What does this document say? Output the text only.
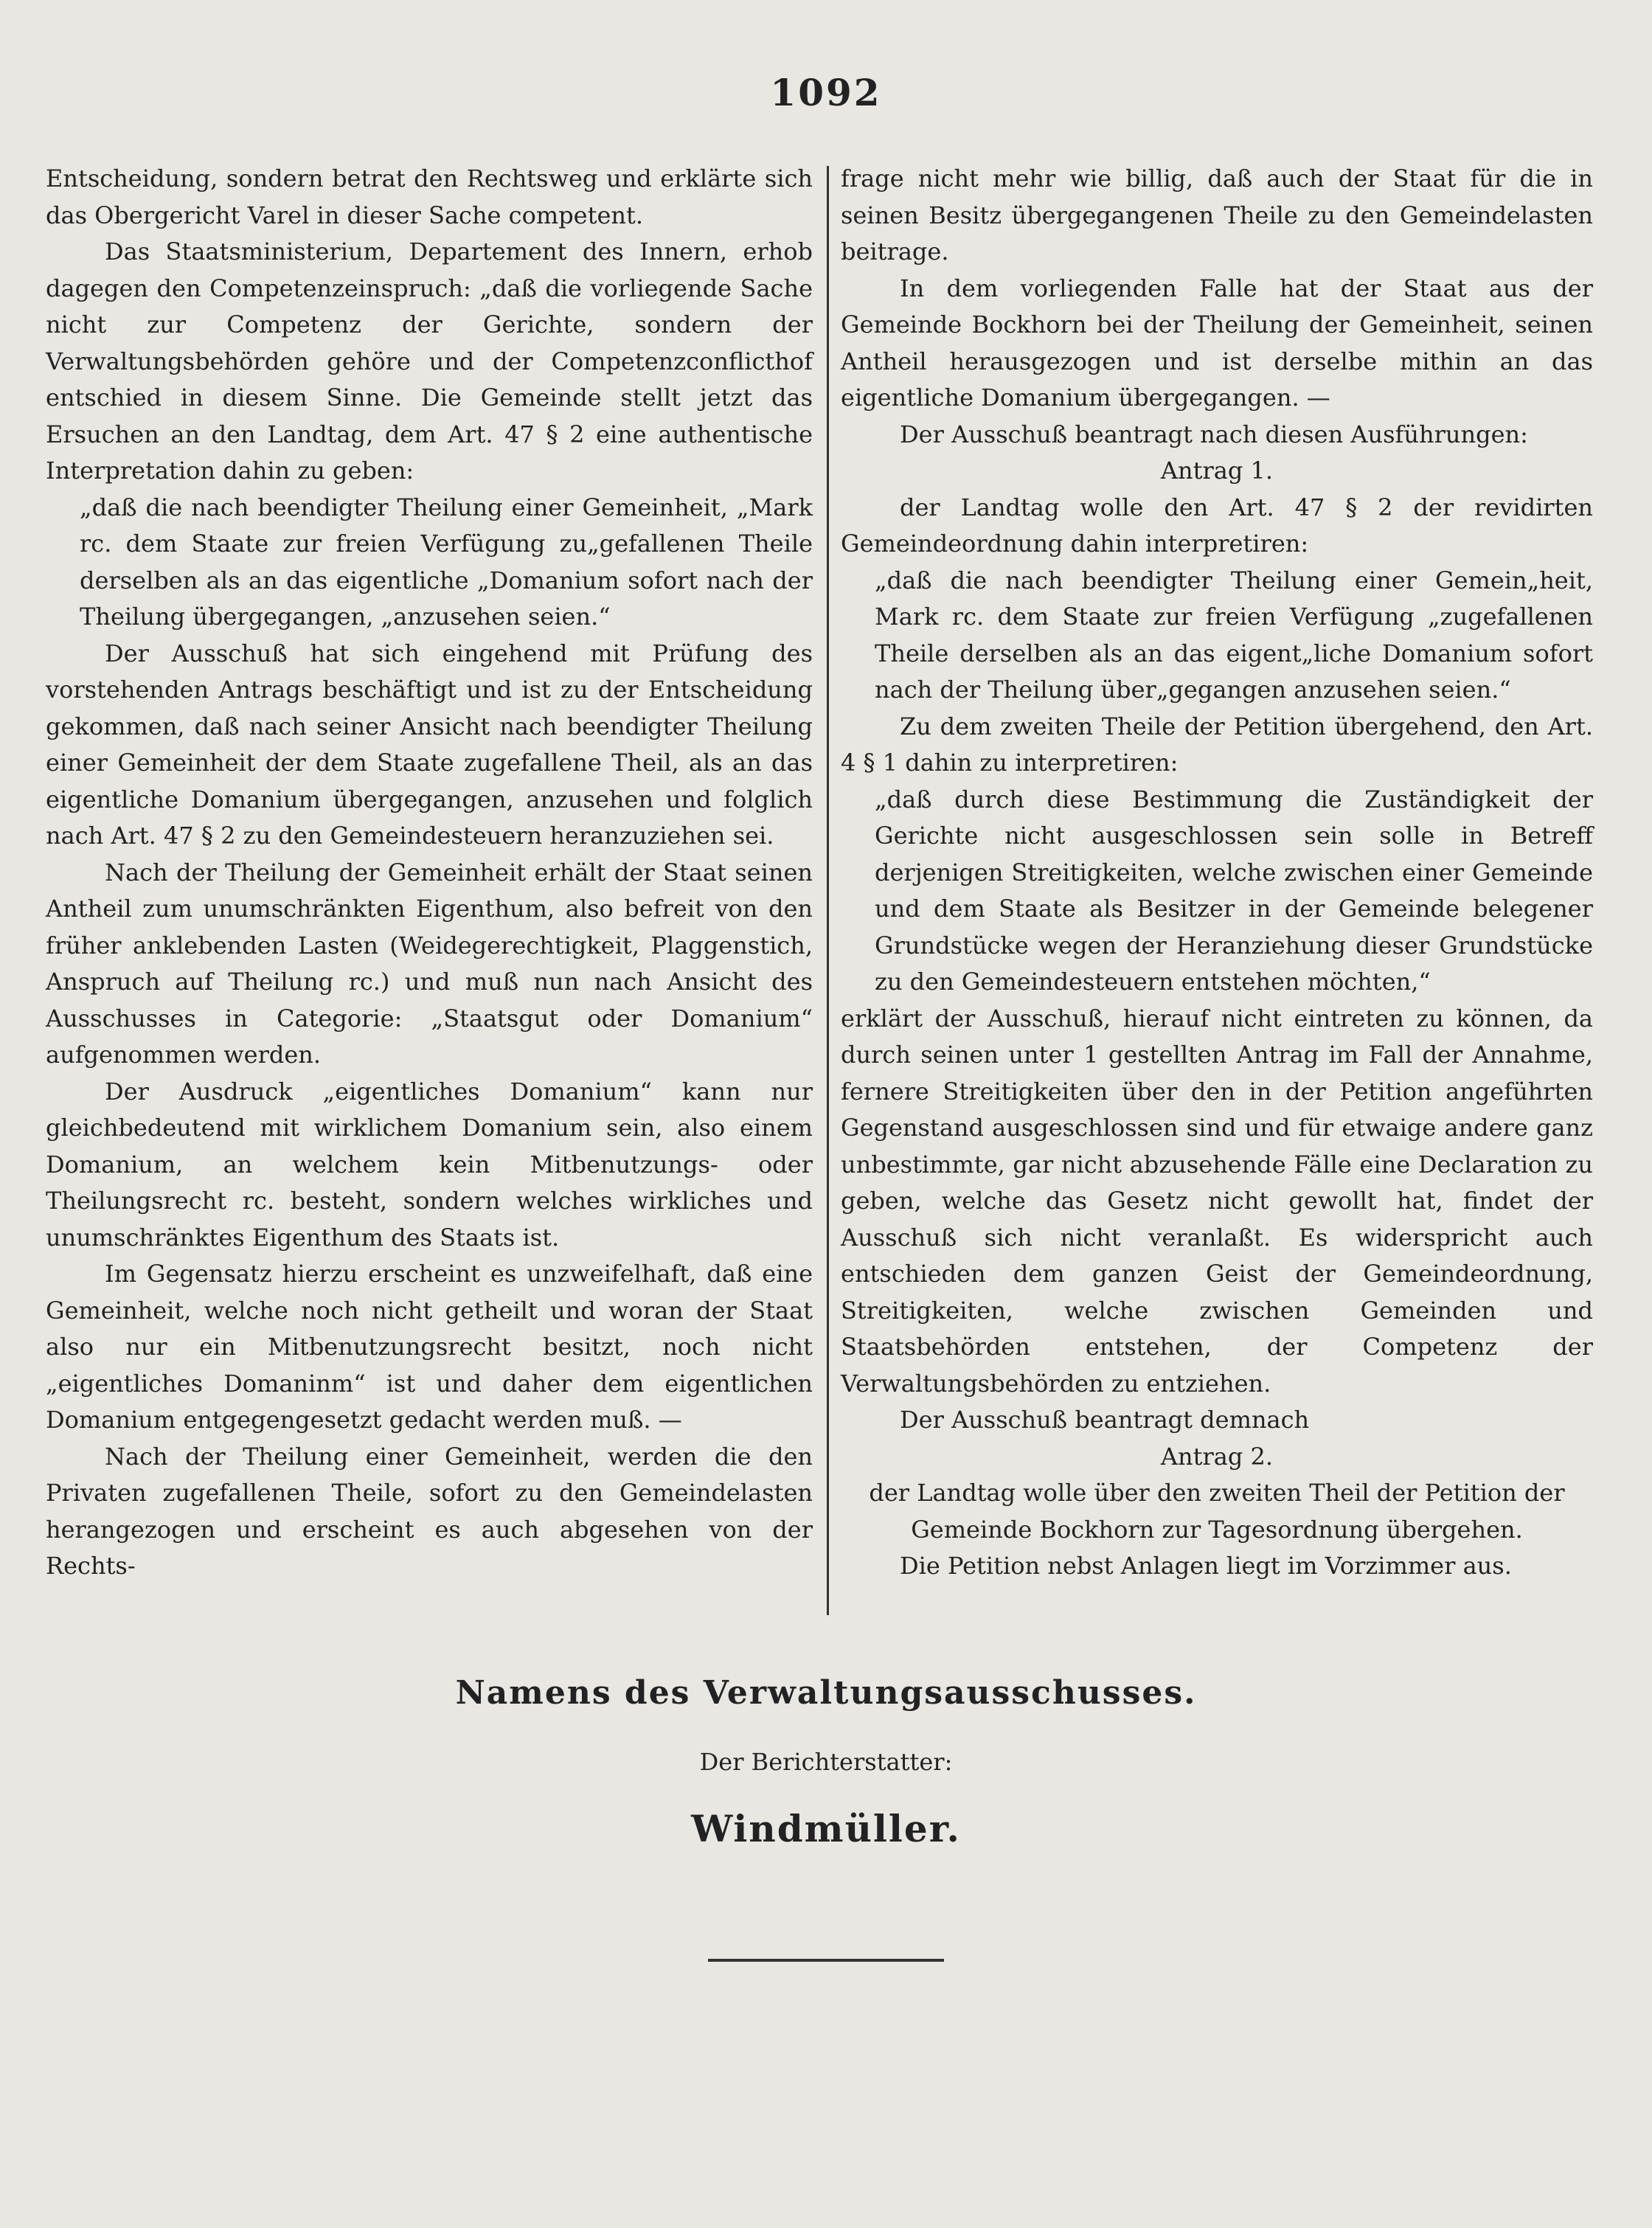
1092

Entscheidung, sondern betrat den Rechtsweg und erklärte sich das Obergericht Varel in dieser Sache competent.

Das Staatsministerium, Departement des Innern, erhob dagegen den Competenzeinspruch: „daß die vorliegende Sache nicht zur Competenz der Gerichte, sondern der Verwaltungsbehörden gehöre und der Competenzconflicthof entschied in diesem Sinne. Die Gemeinde stellt jetzt das Ersuchen an den Landtag, dem Art. 47 § 2 eine authentische Interpretation dahin zu geben:

„daß die nach beendigter Theilung einer Gemeinheit, „Mark rc. dem Staate zur freien Verfügung zu„gefallenen Theile derselben als an das eigentliche „Domanium sofort nach der Theilung übergegangen, „anzusehen seien.“

Der Ausschuß hat sich eingehend mit Prüfung des vorstehenden Antrags beschäftigt und ist zu der Entscheidung gekommen, daß nach seiner Ansicht nach beendigter Theilung einer Gemeinheit der dem Staate zugefallene Theil, als an das eigentliche Domanium übergegangen, anzusehen und folglich nach Art. 47 § 2 zu den Gemeindesteuern heranzuziehen sei.

Nach der Theilung der Gemeinheit erhält der Staat seinen Antheil zum unumschränkten Eigenthum, also befreit von den früher anklebenden Lasten (Weidegerechtigkeit, Plaggenstich, Anspruch auf Theilung rc.) und muß nun nach Ansicht des Ausschusses in Categorie: „Staatsgut oder Domanium“ aufgenommen werden.

Der Ausdruck „eigentliches Domanium“ kann nur gleichbedeutend mit wirklichem Domanium sein, also einem Domanium, an welchem kein Mitbenutzungs- oder Theilungsrecht rc. besteht, sondern welches wirkliches und unumschränktes Eigenthum des Staats ist.

Im Gegensatz hierzu erscheint es unzweifelhaft, daß eine Gemeinheit, welche noch nicht getheilt und woran der Staat also nur ein Mitbenutzungsrecht besitzt, noch nicht „eigentliches Domaninm“ ist und daher dem eigentlichen Domanium entgegengesetzt gedacht werden muß. —

Nach der Theilung einer Gemeinheit, werden die den Privaten zugefallenen Theile, sofort zu den Gemeindelasten herangezogen und erscheint es auch abgesehen von der Rechts-

frage nicht mehr wie billig, daß auch der Staat für die in seinen Besitz übergegangenen Theile zu den Gemeindelasten beitrage.

In dem vorliegenden Falle hat der Staat aus der Gemeinde Bockhorn bei der Theilung der Gemeinheit, seinen Antheil herausgezogen und ist derselbe mithin an das eigentliche Domanium übergegangen. —

Der Ausschuß beantragt nach diesen Ausführungen:

Antrag 1.

der Landtag wolle den Art. 47 § 2 der revidirten Gemeindeordnung dahin interpretiren:

„daß die nach beendigter Theilung einer Gemein„heit, Mark rc. dem Staate zur freien Verfügung „zugefallenen Theile derselben als an das eigent„liche Domanium sofort nach der Theilung über„gegangen anzusehen seien.“

Zu dem zweiten Theile der Petition übergehend, den Art. 4 § 1 dahin zu interpretiren:

„daß durch diese Bestimmung die Zuständigkeit der Gerichte nicht ausgeschlossen sein solle in Betreff derjenigen Streitigkeiten, welche zwischen einer Gemeinde und dem Staate als Besitzer in der Gemeinde belegener Grundstücke wegen der Heranziehung dieser Grundstücke zu den Gemeindesteuern entstehen möchten,“

erklärt der Ausschuß, hierauf nicht eintreten zu können, da durch seinen unter 1 gestellten Antrag im Fall der Annahme, fernere Streitigkeiten über den in der Petition angeführten Gegenstand ausgeschlossen sind und für etwaige andere ganz unbestimmte, gar nicht abzusehende Fälle eine Declaration zu geben, welche das Gesetz nicht gewollt hat, findet der Ausschuß sich nicht veranlaßt. Es widerspricht auch entschieden dem ganzen Geist der Gemeindeordnung, Streitigkeiten, welche zwischen Gemeinden und Staatsbehörden entstehen, der Competenz der Verwaltungsbehörden zu entziehen.

Der Ausschuß beantragt demnach

Antrag 2.

der Landtag wolle über den zweiten Theil der Petition der Gemeinde Bockhorn zur Tagesordnung übergehen.

Die Petition nebst Anlagen liegt im Vorzimmer aus.

Namens des Verwaltungsausschusses.
Der Berichterstatter:
Windmüller.
